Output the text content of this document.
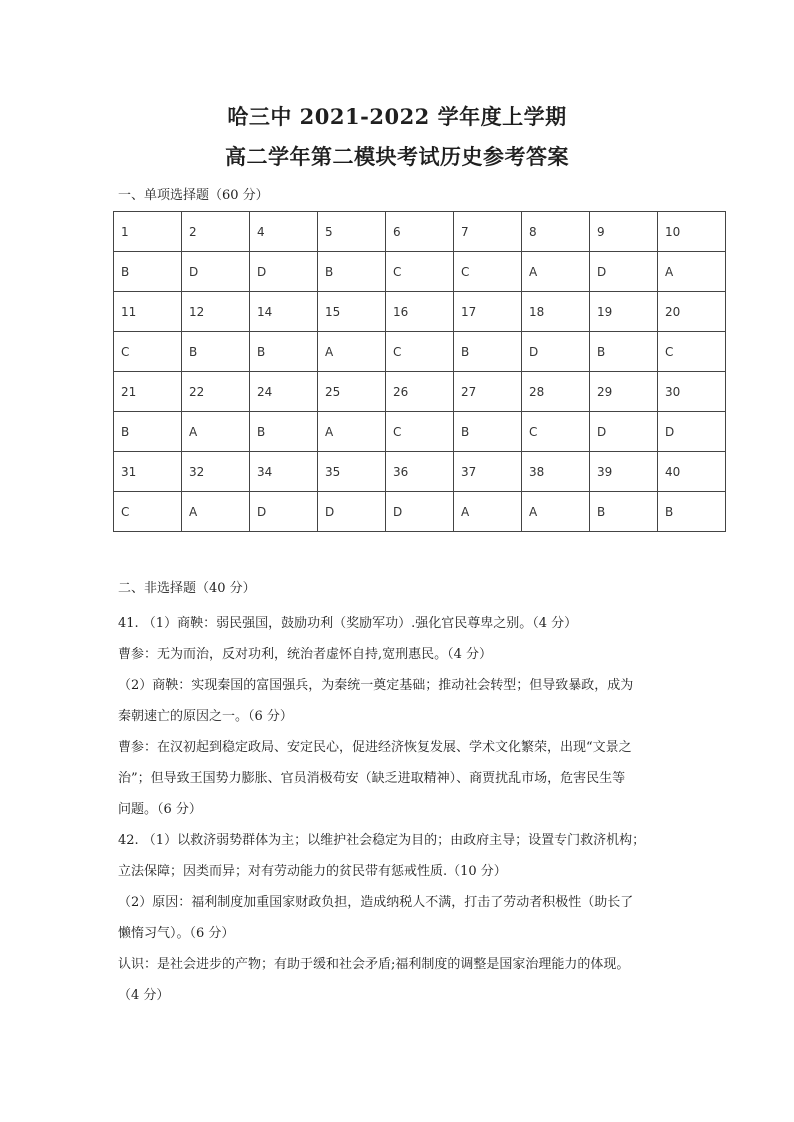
哈三中 2021-2022 学年度上学期
高二学年第二模块考试历史参考答案
一、单项选择题（60 分）
1	2	4	5	6	7	8	9	10
B	D	D	B	C	C	A	D	A
11	12	14	15	16	17	18	19	20
C	B	B	A	C	B	D	B	C
21	22	24	25	26	27	28	29	30
B	A	B	A	C	B	C	D	D
31	32	34	35	36	37	38	39	40
C	A	D	D	D	A	A	B	B
二、非选择题（40 分）
41. （1）商鞅：弱民强国，鼓励功利（奖励军功）.强化官民尊卑之别。（4 分）
曹参：无为而治，反对功利，统治者虚怀自持,宽刑惠民。（4 分）
（2）商鞅：实现秦国的富国强兵，为秦统一奠定基础；推动社会转型；但导致暴政，成为
秦朝速亡的原因之一。（6 分）
曹参：在汉初起到稳定政局、安定民心，促进经济恢复发展、学术文化繁荣，出现“文景之
治”；但导致王国势力膨胀、官员消极苟安（缺乏进取精神）、商贾扰乱市场，危害民生等
问题。（6 分）
42. （1）以救济弱势群体为主；以维护社会稳定为目的；由政府主导；设置专门救济机构；
立法保障；因类而异；对有劳动能力的贫民带有惩戒性质.（10 分）
（2）原因：福利制度加重国家财政负担，造成纳税人不满，打击了劳动者积极性（助长了
懒惰习气）。（6 分）
认识：是社会进步的产物；有助于缓和社会矛盾;福利制度的调整是国家治理能力的体现。
（4 分）
